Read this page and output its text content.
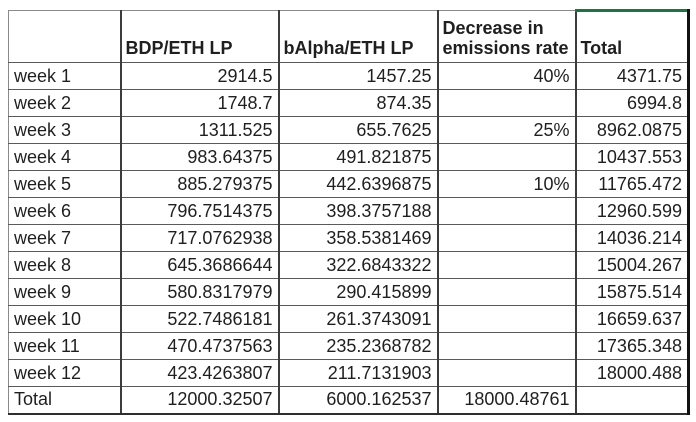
	BDP/ETH LP	bAlpha/ETH LP	Decrease in emissions rate	Total
week 1	2914.5	1457.25	40%	4371.75
week 2	1748.7	874.35		6994.8
week 3	1311.525	655.7625	25%	8962.0875
week 4	983.64375	491.821875		10437.553
week 5	885.279375	442.6396875	10%	11765.472
week 6	796.7514375	398.3757188		12960.599
week 7	717.0762938	358.5381469		14036.214
week 8	645.3686644	322.6843322		15004.267
week 9	580.8317979	290.415899		15875.514
week 10	522.7486181	261.3743091		16659.637
week 11	470.4737563	235.2368782		17365.348
week 12	423.4263807	211.7131903		18000.488
Total	12000.32507	6000.162537	18000.48761	
